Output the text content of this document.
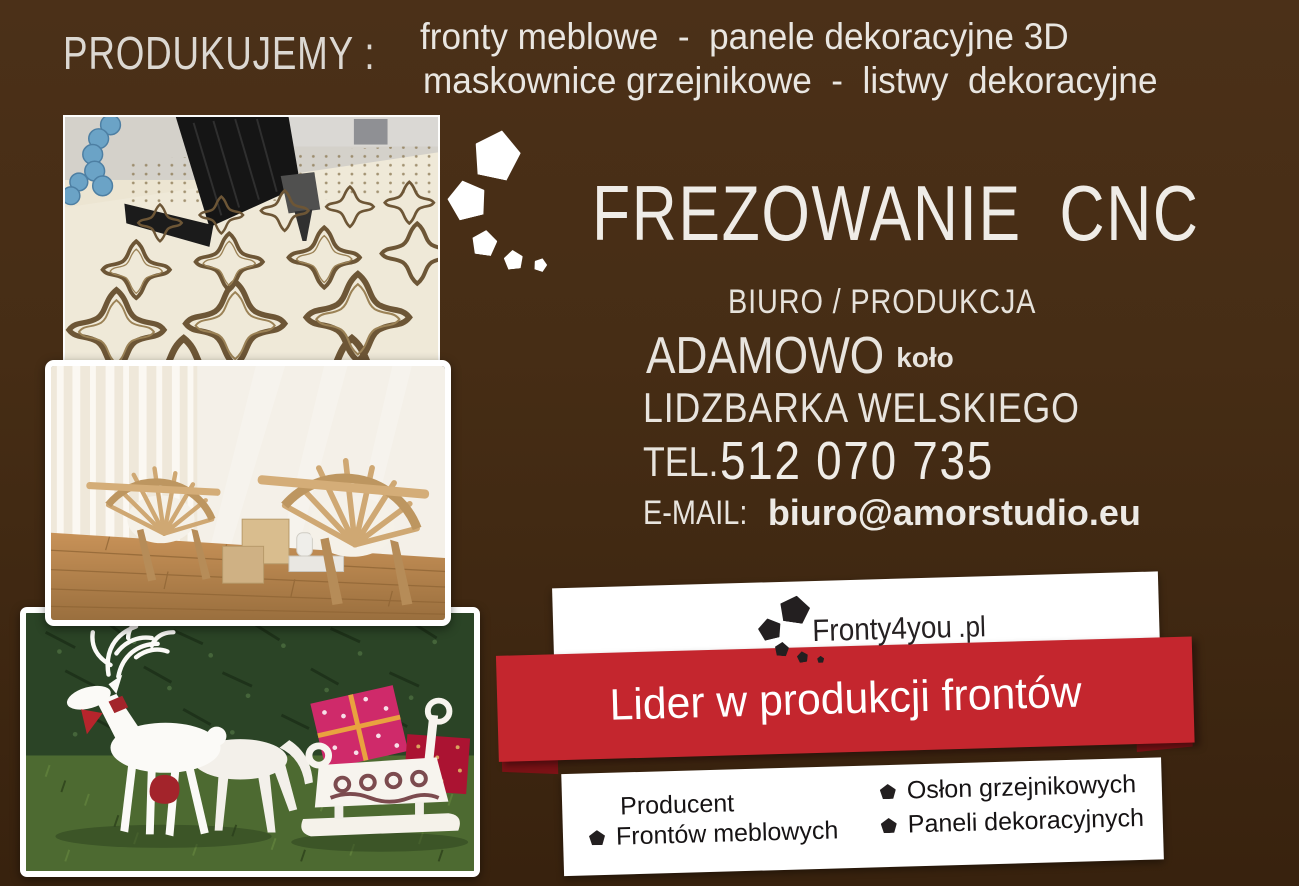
PRODUKUJEMY : fronty meblowe  -  panele dekoracyjne 3D
maskownice grzejnikowe  -  listwy  dekoracyjne
FREZOWANIE  CNC
BIURO / PRODUKCJA
ADAMOWO koło
LIDZBARKA WELSKIEGO
TEL.512 070 735
E-MAIL: biuro@amorstudio.eu
Fronty4you .pl
Lider w produkcji frontów
Producent
Frontów meblowych
Osłon grzejnikowych
Paneli dekoracyjnych
